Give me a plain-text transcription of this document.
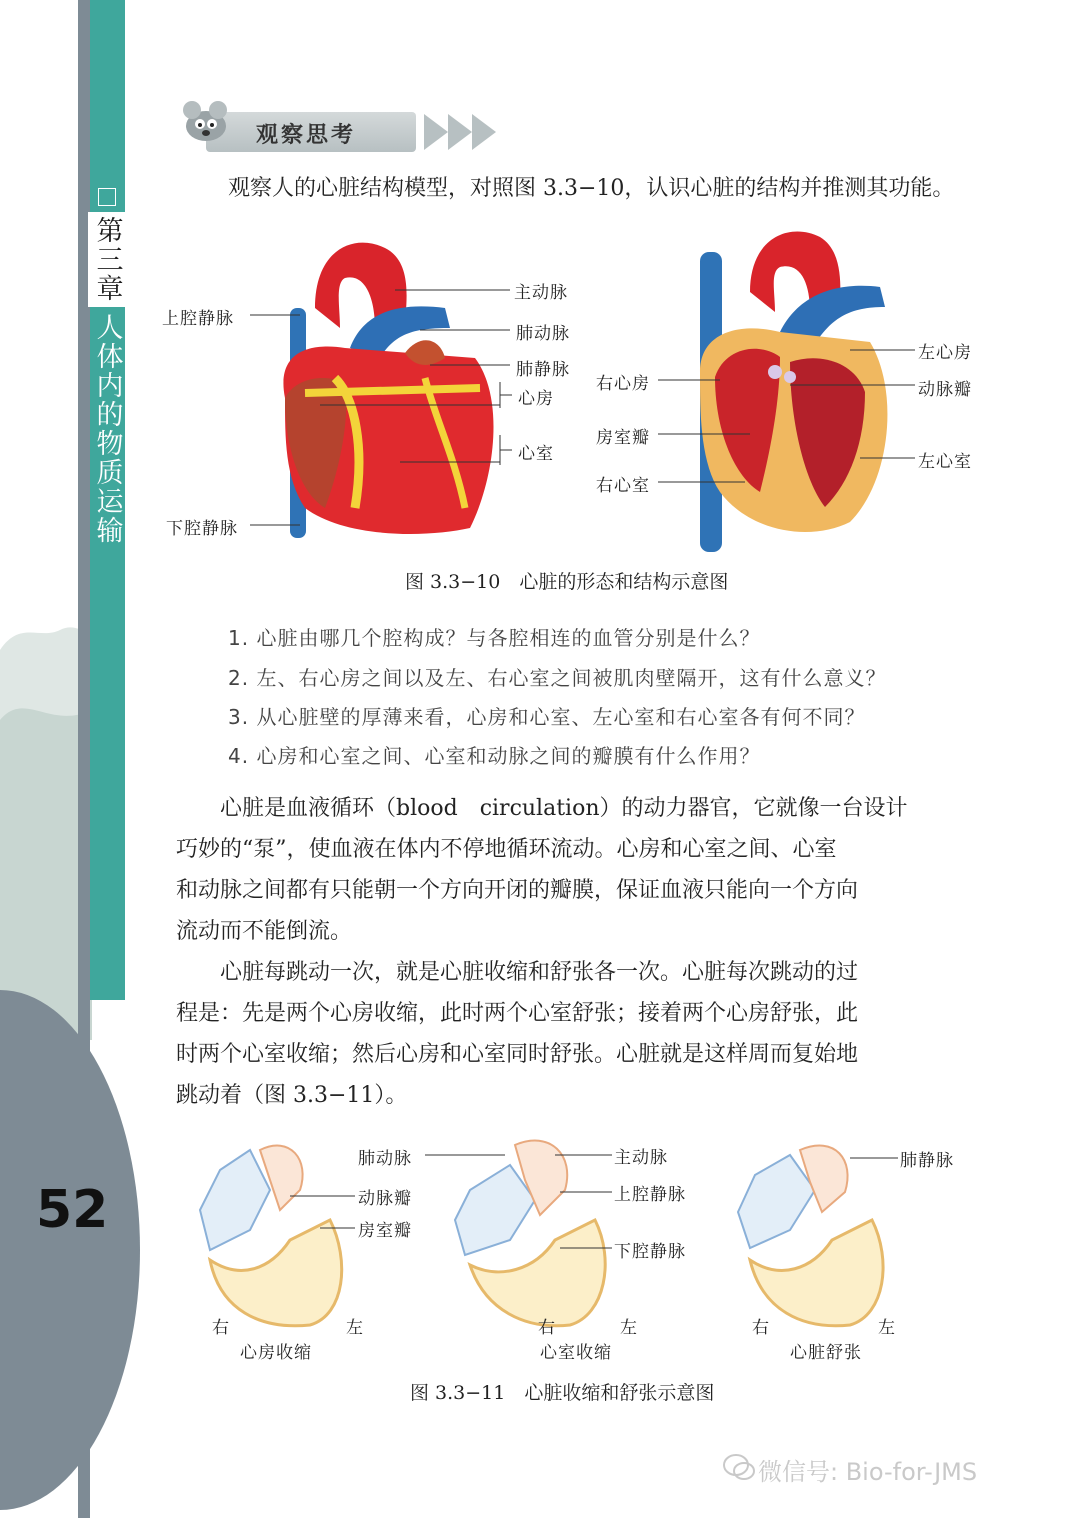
第三章
人体内的物质运输
52
观察思考
观察人的心脏结构模型，对照图 3.3−10，认识心脏的结构并推测其功能。
上腔静脉
下腔静脉
主动脉
肺动脉
肺静脉
心房
心室
右心房
房室瓣
右心室
左心房
动脉瓣
左心室
图 3.3−10　心脏的形态和结构示意图
1. 心脏由哪几个腔构成？与各腔相连的血管分别是什么？
2. 左、右心房之间以及左、右心室之间被肌肉壁隔开，这有什么意义？
3. 从心脏壁的厚薄来看，心房和心室、左心室和右心室各有何不同？
4. 心房和心室之间、心室和动脉之间的瓣膜有什么作用？
　　心脏是血液循环（blood　circulation）的动力器官，它就像一台设计
巧妙的“泵”，使血液在体内不停地循环流动。心房和心室之间、心室
和动脉之间都有只能朝一个方向开闭的瓣膜，保证血液只能向一个方向
流动而不能倒流。
　　心脏每跳动一次，就是心脏收缩和舒张各一次。心脏每次跳动的过
程是：先是两个心房收缩，此时两个心室舒张；接着两个心房舒张，此
时两个心室收缩；然后心房和心室同时舒张。心脏就是这样周而复始地
跳动着（图 3.3−11）。
肺动脉
动脉瓣
房室瓣
主动脉
上腔静脉
下腔静脉
肺静脉
右	左
心房收缩
右	左
心室收缩
右	左
心脏舒张
图 3.3−11　心脏收缩和舒张示意图
微信号: Bio-for-JMS
